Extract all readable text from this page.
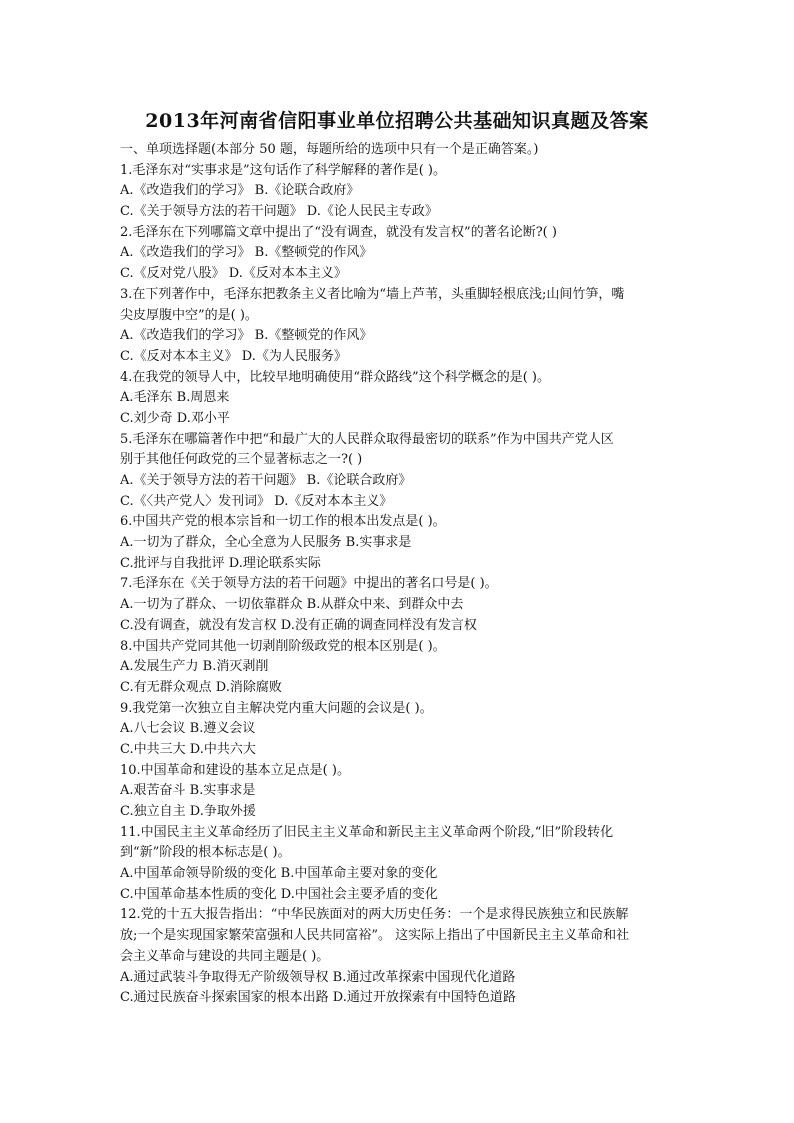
2013年河南省信阳事业单位招聘公共基础知识真题及答案
一、单项选择题(本部分 50 题，每题所给的选项中只有一个是正确答案。)
1.毛泽东对“实事求是”这句话作了科学解释的著作是( )。
A.《改造我们的学习》 B.《论联合政府》
C.《关于领导方法的若干问题》 D.《论人民民主专政》
2.毛泽东在下列哪篇文章中提出了“没有调查，就没有发言权”的著名论断?( )
A.《改造我们的学习》 B.《整顿党的作风》
C.《反对党八股》 D.《反对本本主义》
3.在下列著作中，毛泽东把教条主义者比喻为“墙上芦苇，头重脚轻根底浅;山间竹笋，嘴
尖皮厚腹中空”的是( )。
A.《改造我们的学习》 B.《整顿党的作风》
C.《反对本本主义》 D.《为人民服务》
4.在我党的领导人中，比较早地明确使用“群众路线”这个科学概念的是( )。
A.毛泽东 B.周恩来
C.刘少奇 D.邓小平
5.毛泽东在哪篇著作中把“和最广大的人民群众取得最密切的联系”作为中国共产党人区
别于其他任何政党的三个显著标志之一?( )
A.《关于领导方法的若干问题》 B.《论联合政府》
C.《〈共产党人〉发刊词》 D.《反对本本主义》
6.中国共产党的根本宗旨和一切工作的根本出发点是( )。
A.一切为了群众，全心全意为人民服务 B.实事求是
C.批评与自我批评 D.理论联系实际
7.毛泽东在《关于领导方法的若干问题》中提出的著名口号是( )。
A.一切为了群众、一切依靠群众 B.从群众中来、到群众中去
C.没有调查，就没有发言权 D.没有正确的调查同样没有发言权
8.中国共产党同其他一切剥削阶级政党的根本区别是( )。
A.发展生产力 B.消灭剥削
C.有无群众观点 D.消除腐败
9.我党第一次独立自主解决党内重大问题的会议是( )。
A.八七会议 B.遵义会议
C.中共三大 D.中共六大
10.中国革命和建设的基本立足点是( )。
A.艰苦奋斗 B.实事求是
C.独立自主 D.争取外援
11.中国民主主义革命经历了旧民主主义革命和新民主主义革命两个阶段,“旧”阶段转化
到“新”阶段的根本标志是( )。
A.中国革命领导阶级的变化 B.中国革命主要对象的变化
C.中国革命基本性质的变化 D.中国社会主要矛盾的变化
12.党的十五大报告指出：“中华民族面对的两大历史任务：一个是求得民族独立和民族解
放;一个是实现国家繁荣富强和人民共同富裕”。 这实际上指出了中国新民主主义革命和社
会主义革命与建设的共同主题是( )。
A.通过武装斗争取得无产阶级领导权 B.通过改革探索中国现代化道路
C.通过民族奋斗探索国家的根本出路 D.通过开放探索有中国特色道路
